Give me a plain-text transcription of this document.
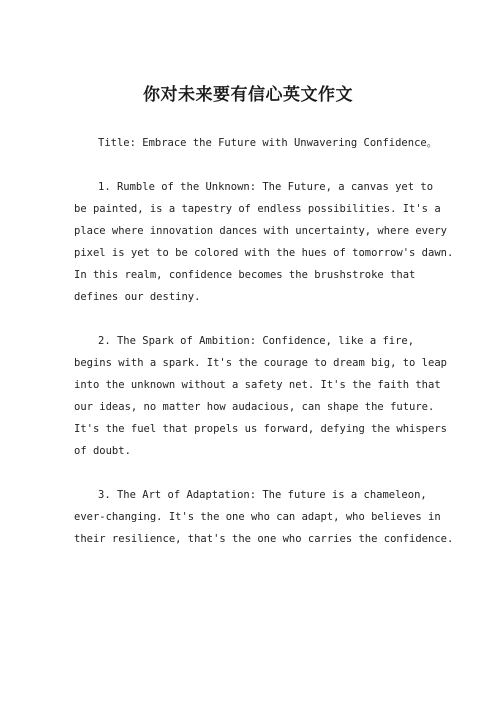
你对未来要有信心英文作文
Title: Embrace the Future with Unwavering Confidence。
1. Rumble of the Unknown: The Future, a canvas yet to
be painted, is a tapestry of endless possibilities. It's a
place where innovation dances with uncertainty, where every
pixel is yet to be colored with the hues of tomorrow's dawn.
In this realm, confidence becomes the brushstroke that
defines our destiny.
2. The Spark of Ambition: Confidence, like a fire,
begins with a spark. It's the courage to dream big, to leap
into the unknown without a safety net. It's the faith that
our ideas, no matter how audacious, can shape the future.
It's the fuel that propels us forward, defying the whispers
of doubt.
3. The Art of Adaptation: The future is a chameleon,
ever-changing. It's the one who can adapt, who believes in
their resilience, that's the one who carries the confidence.
